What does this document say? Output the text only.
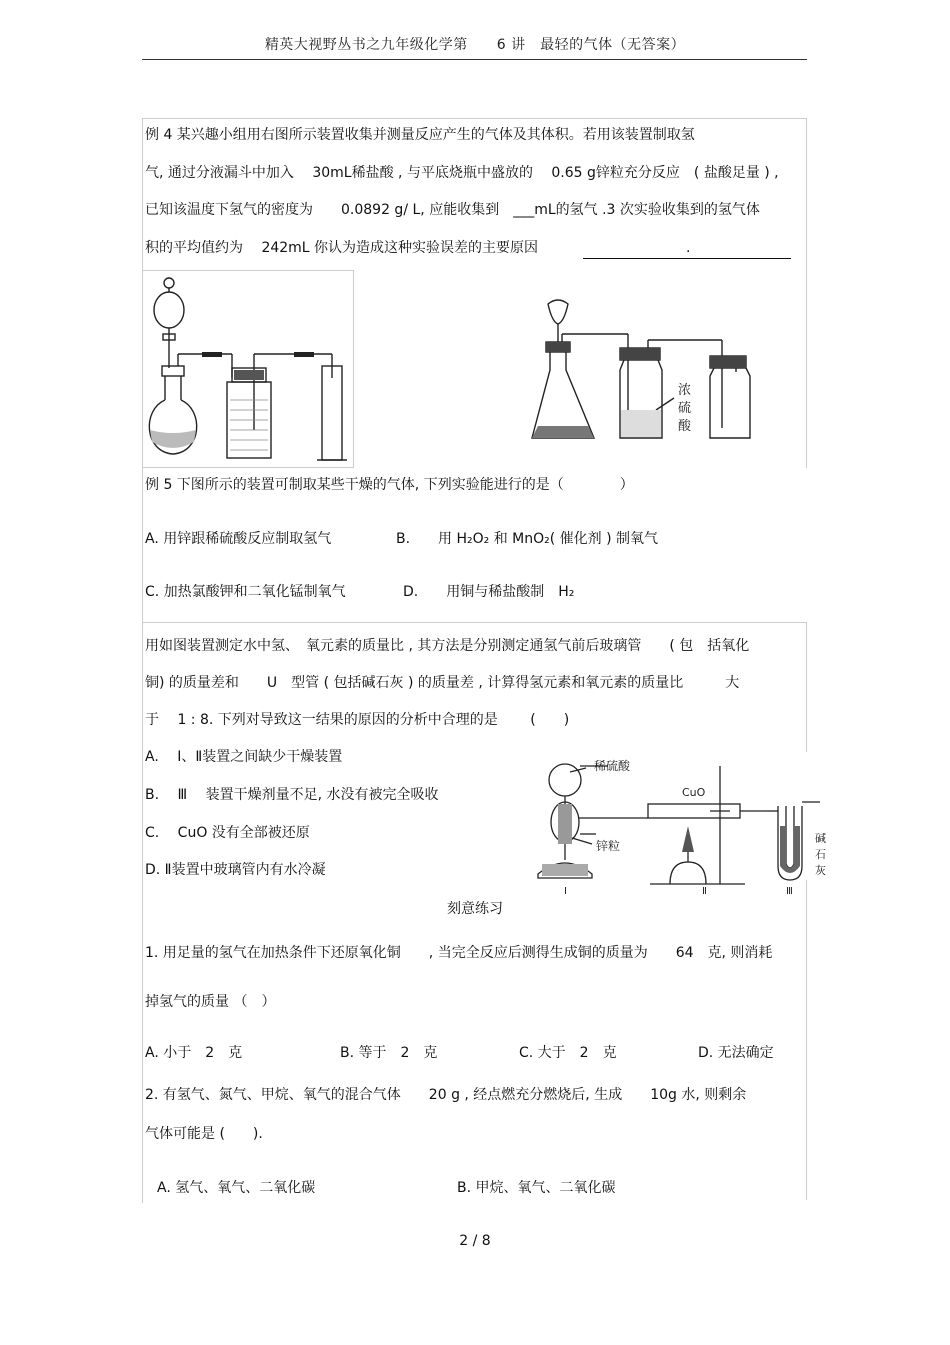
精英大视野丛书之九年级化学第　　6 讲　最轻的气体（无答案）
例 4 某兴趣小组用右图所示装置收集并测量反应产生的气体及其体积。若用该装置制取氢
气, 通过分液漏斗中加入　 30mL稀盐酸 , 与平底烧瓶中盛放的　 0.65 g锌粒充分反应　( 盐酸足量 ) ,
已知该温度下氢气的密度为　　0.0892 g/ L, 应能收集到　___mL的氢气 .3 次实验收集到的氢气体
积的平均值约为　 242mL 你认为造成这种实验误差的主要原因	.
浓
硫
酸
例 5 下图所示的装置可制取某些干燥的气体, 下列实验能进行的是（　　　　）
A. 用锌跟稀硫酸反应制取氢气	B.　　用 H₂O₂ 和 MnO₂( 催化剂 ) 制氧气
C. 加热氯酸钾和二氧化锰制氧气	D.　　用铜与稀盐酸制　H₂
用如图装置测定水中氢、　氧元素的质量比 , 其方法是分别测定通氢气前后玻璃管　　( 包　括氧化
铜) 的质量差和　　U　型管 ( 包括碱石灰 ) 的质量差 , 计算得氢元素和氧元素的质量比　　　大
于　 1 : 8. 下列对导致这一结果的原因的分析中合理的是　　 (　　)
A.　 Ⅰ、Ⅱ装置之间缺少干燥装置
B.　 Ⅲ　 装置干燥剂量不足, 水没有被完全吸收
C.　 CuO 没有全部被还原
D. Ⅱ装置中玻璃管内有水冷凝
稀硫酸
锌粒
CuO
Ⅰ	Ⅱ	Ⅲ
碱
石
灰
刻意练习
1. 用足量的氢气在加热条件下还原氧化铜　　, 当完全反应后测得生成铜的质量为　　64　克, 则消耗
掉氢气的质量 （　）
A. 小于　2　克	B. 等于　2　克	C. 大于　2　克	D. 无法确定
2. 有氢气、氮气、甲烷、氧气的混合气体　　20 g , 经点燃充分燃烧后, 生成　　10g 水, 则剩余
气体可能是 (　　).
A. 氢气、氧气、二氧化碳	B. 甲烷、氧气、二氧化碳
2 / 8
